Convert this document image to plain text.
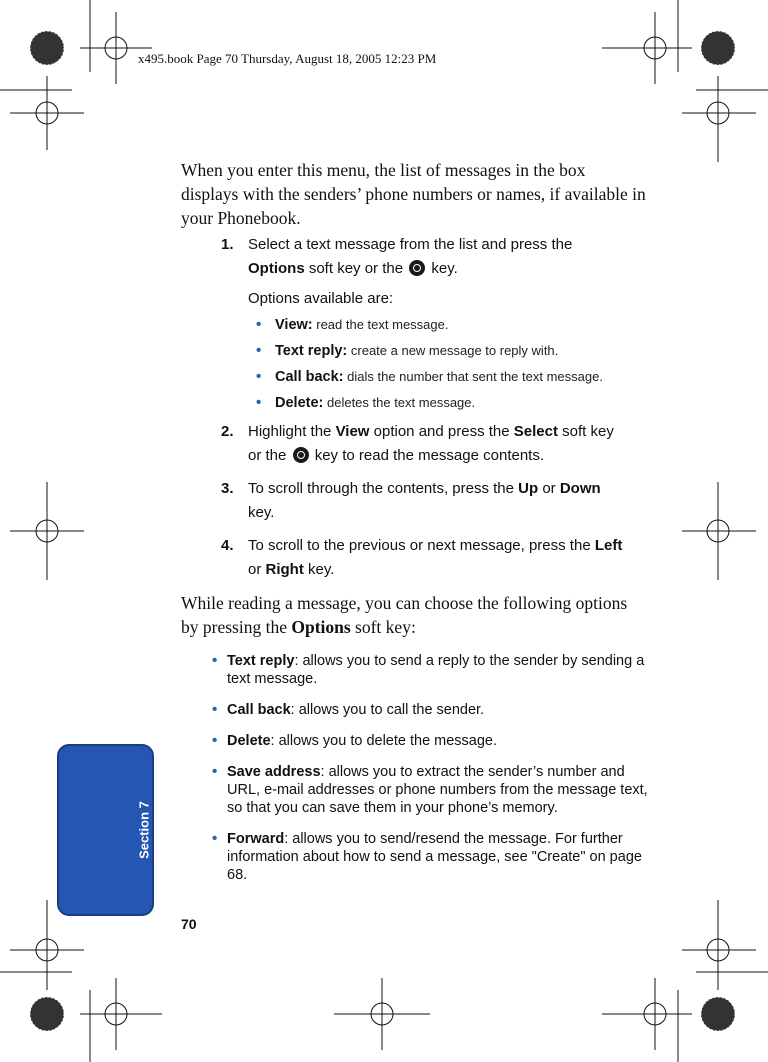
x495.book Page 70 Thursday, August 18, 2005 12:23 PM
When you enter this menu, the list of messages in the box displays with the senders’ phone numbers or names, if available in your Phonebook.
1. Select a text message from the list and press the
Options soft key or the key.
Options available are:
• View: read the text message.
• Text reply: create a new message to reply with.
• Call back: dials the number that sent the text message.
• Delete: deletes the text message.
2. Highlight the View option and press the Select soft key
or the key to read the message contents.
3. To scroll through the contents, press the Up or Down
key.
4. To scroll to the previous or next message, press the Left
or Right key.
While reading a message, you can choose the following options by pressing the Options soft key:
• Text reply: allows you to send a reply to the sender by sending a text message.
• Call back: allows you to call the sender.
• Delete: allows you to delete the message.
• Save address: allows you to extract the sender’s number and URL, e-mail addresses or phone numbers from the message text, so that you can save them in your phone’s memory.
• Forward: allows you to send/resend the message. For further information about how to send a message, see "Create" on page 68.
Section 7
70
